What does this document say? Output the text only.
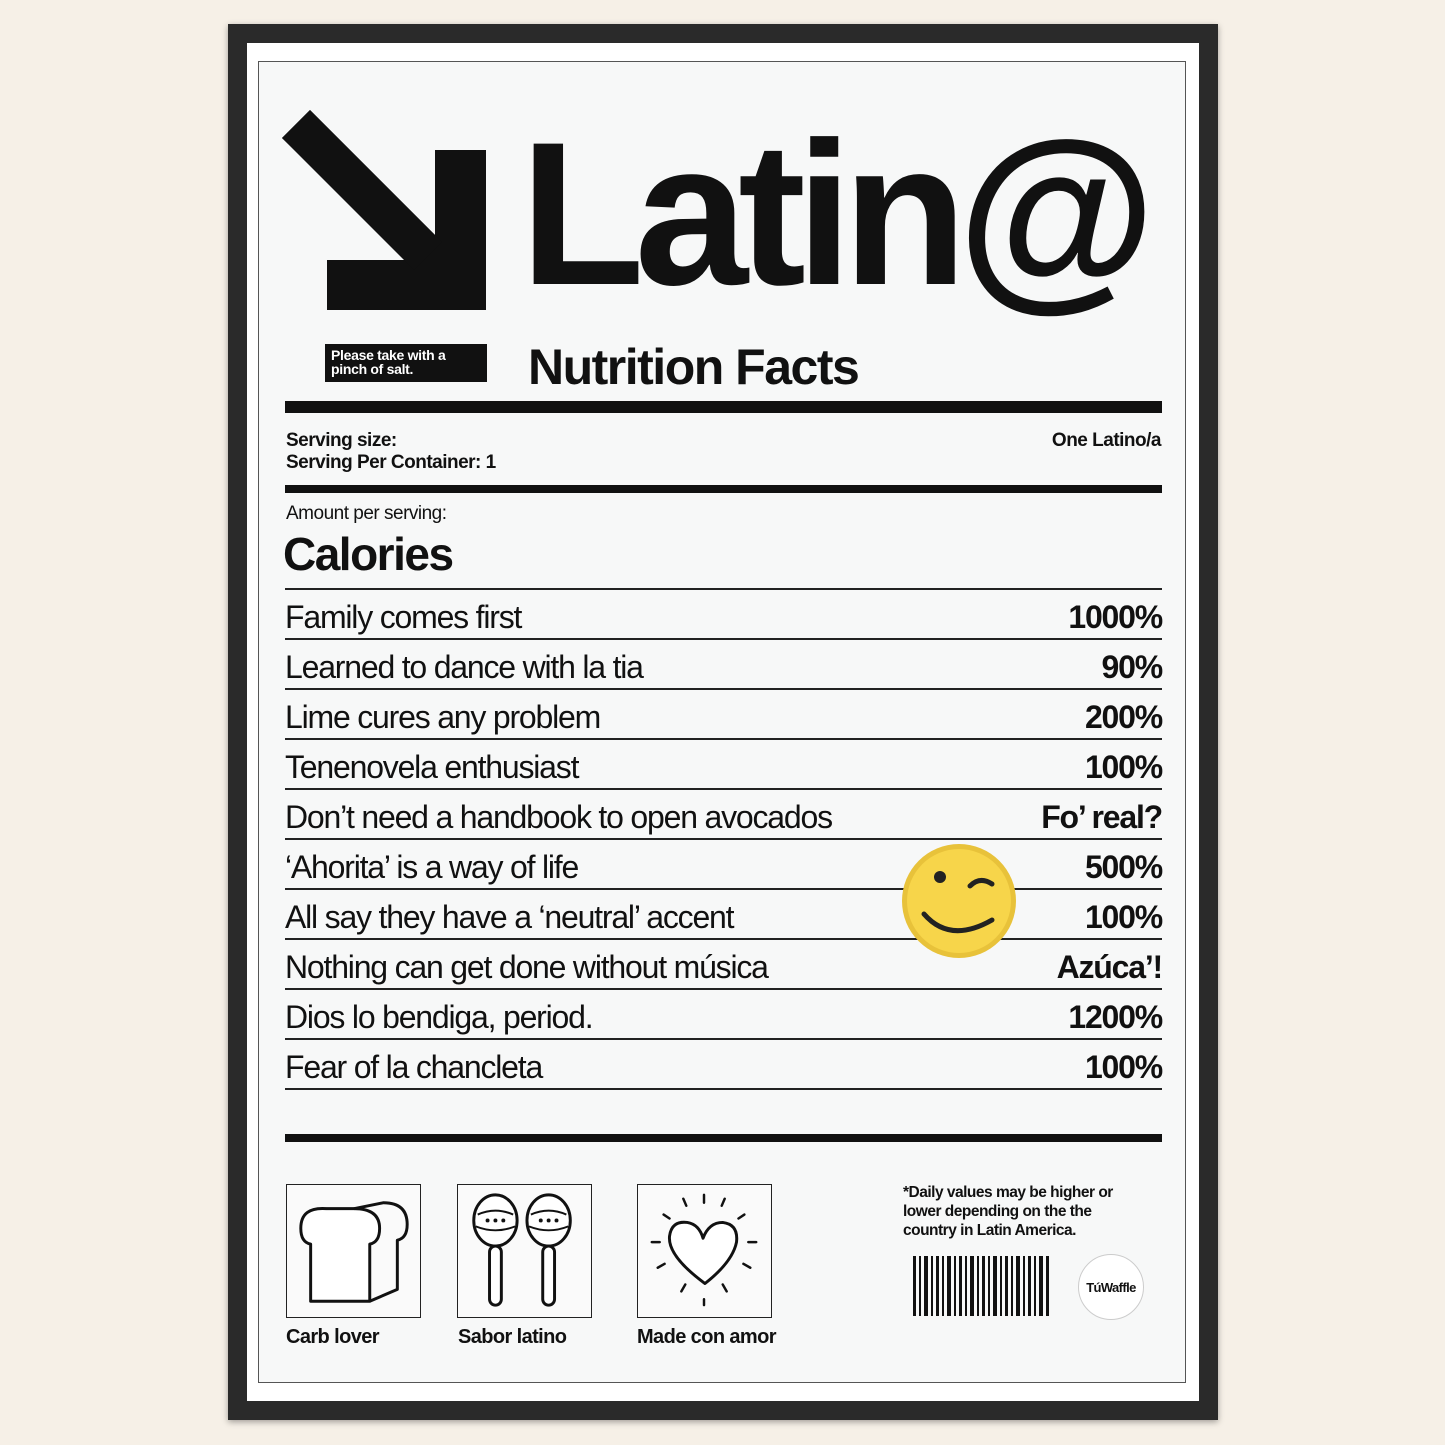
Latin@
Please take with a pinch of salt.	Nutrition Facts
Serving size:
Serving Per Container: 1
One Latino/a
Amount per serving:
Calories
Family comes first	1000%
Learned to dance with la tia	90%
Lime cures any problem	200%
Tenenovela enthusiast	100%
Don’t need a handbook to open avocados	Fo’ real?
‘Ahorita’ is a way of life	500%
All say they have a ‘neutral’ accent	100%
Nothing can get done without música	Azúca’!
Dios lo bendiga, period.	1200%
Fear of la chancleta	100%
Carb lover	Sabor latino	Made con amor
*Daily values may be higher or lower depending on the the country in Latin America.
TúWaffle
